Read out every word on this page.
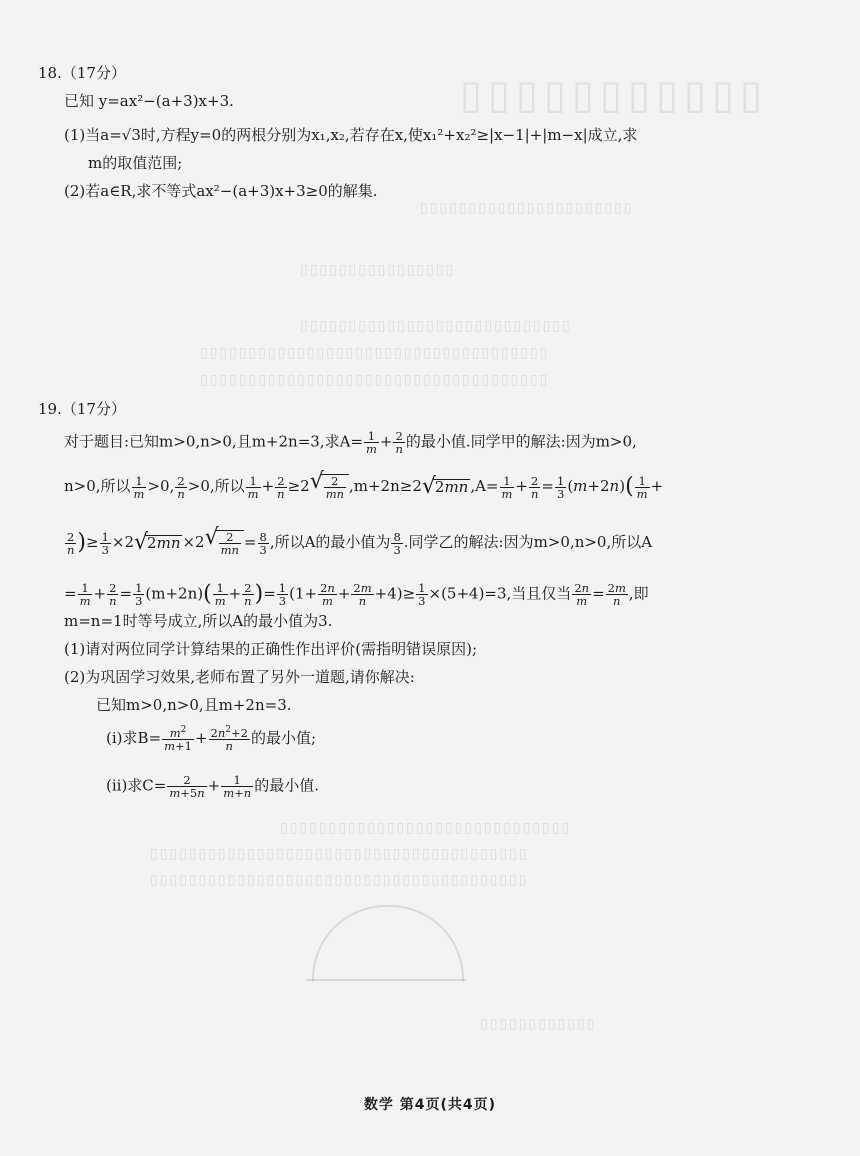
▯▯▯▯▯▯▯▯▯▯▯
▯▯▯▯▯▯▯▯▯▯▯▯▯▯▯▯▯▯▯▯▯▯
▯▯▯▯▯▯▯▯▯▯▯▯▯▯▯▯
▯▯▯▯▯▯▯▯▯▯▯▯▯▯▯▯▯▯▯▯▯▯▯▯▯▯▯▯
▯▯▯▯▯▯▯▯▯▯▯▯▯▯▯▯▯▯▯▯▯▯▯▯▯▯▯▯▯▯▯▯▯▯▯▯
▯▯▯▯▯▯▯▯▯▯▯▯▯▯▯▯▯▯▯▯▯▯▯▯▯▯▯▯▯▯▯▯▯▯▯▯
▯▯▯▯▯▯▯▯▯▯▯▯▯▯▯▯▯▯▯▯▯▯▯▯▯▯▯▯▯▯
▯▯▯▯▯▯▯▯▯▯▯▯▯▯▯▯▯▯▯▯▯▯▯▯▯▯▯▯▯▯▯▯▯▯▯▯▯▯▯
▯▯▯▯▯▯▯▯▯▯▯▯▯▯▯▯▯▯▯▯▯▯▯▯▯▯▯▯▯▯▯▯▯▯▯▯▯▯▯
▯▯▯▯▯▯▯▯▯▯▯▯
18.（17分）
已知 y=ax²−(a+3)x+3.
(1)当a=√3时,方程y=0的两根分别为x₁,x₂,若存在x,使x₁²+x₂²≥|x−1|+|m−x|成立,求
m的取值范围;
(2)若a∈R,求不等式ax²−(a+3)x+3≥0的解集.
19.（17分）
对于题目:已知m>0,n>0,且m+2n=3,求$A= \frac{1}{m} + \frac{2}{n}$ 的最小值.同学甲的解法:因为m>0,
n>0,所以 $\frac{1}{m} >0$, $\frac{2}{n} >0$,所以 $\frac{1}{m} + \frac{2}{n} \ge 2$
√ $\frac{2}{mn} ,m+2n\ge 2√$ 2mn $,A= \frac{1}{m} + \frac{2}{n} = \frac{1}{3} (m+2n)( \frac{1}{m}$ +
$\frac{2}{n}$ )≥ $\frac{1}{3} \times 2√$ 2mn ×2
√ $\frac{2}{mn} = \frac{8}{3}$ ,所以A的最小值为 $\frac{8}{3}$ .同学乙的解法:因为m>0,n>0,所以A
= $\frac{1}{m} + \frac{2}{n} = \frac{1}{3} (m+2n)( \frac{1}{m} + \frac{2}{n}$ )= $\frac{1}{3} (1+ \frac{2n}{m} + \frac{2m}{n} +4)\ge \frac{1}{3} \times(5+4)=3$,当且仅当 $\frac{2n}{m} = \frac{2m}{n}$ ,即
m=n=1时等号成立,所以A的最小值为3.
(1)请对两位同学计算结果的正确性作出评价(需指明错误原因);
(2)为巩固学习效果,老师布置了另外一道题,请你解决:
已知m>0,n>0,且m+2n=3.
(i)求$B= \frac{m^2}{m+1} + \frac{2n^2+2}{n}$ 的最小值;
(ii)求$C= \frac{2}{m+5n} + \frac{1}{m+n}$ 的最小值.
数学 第4页(共4页)
